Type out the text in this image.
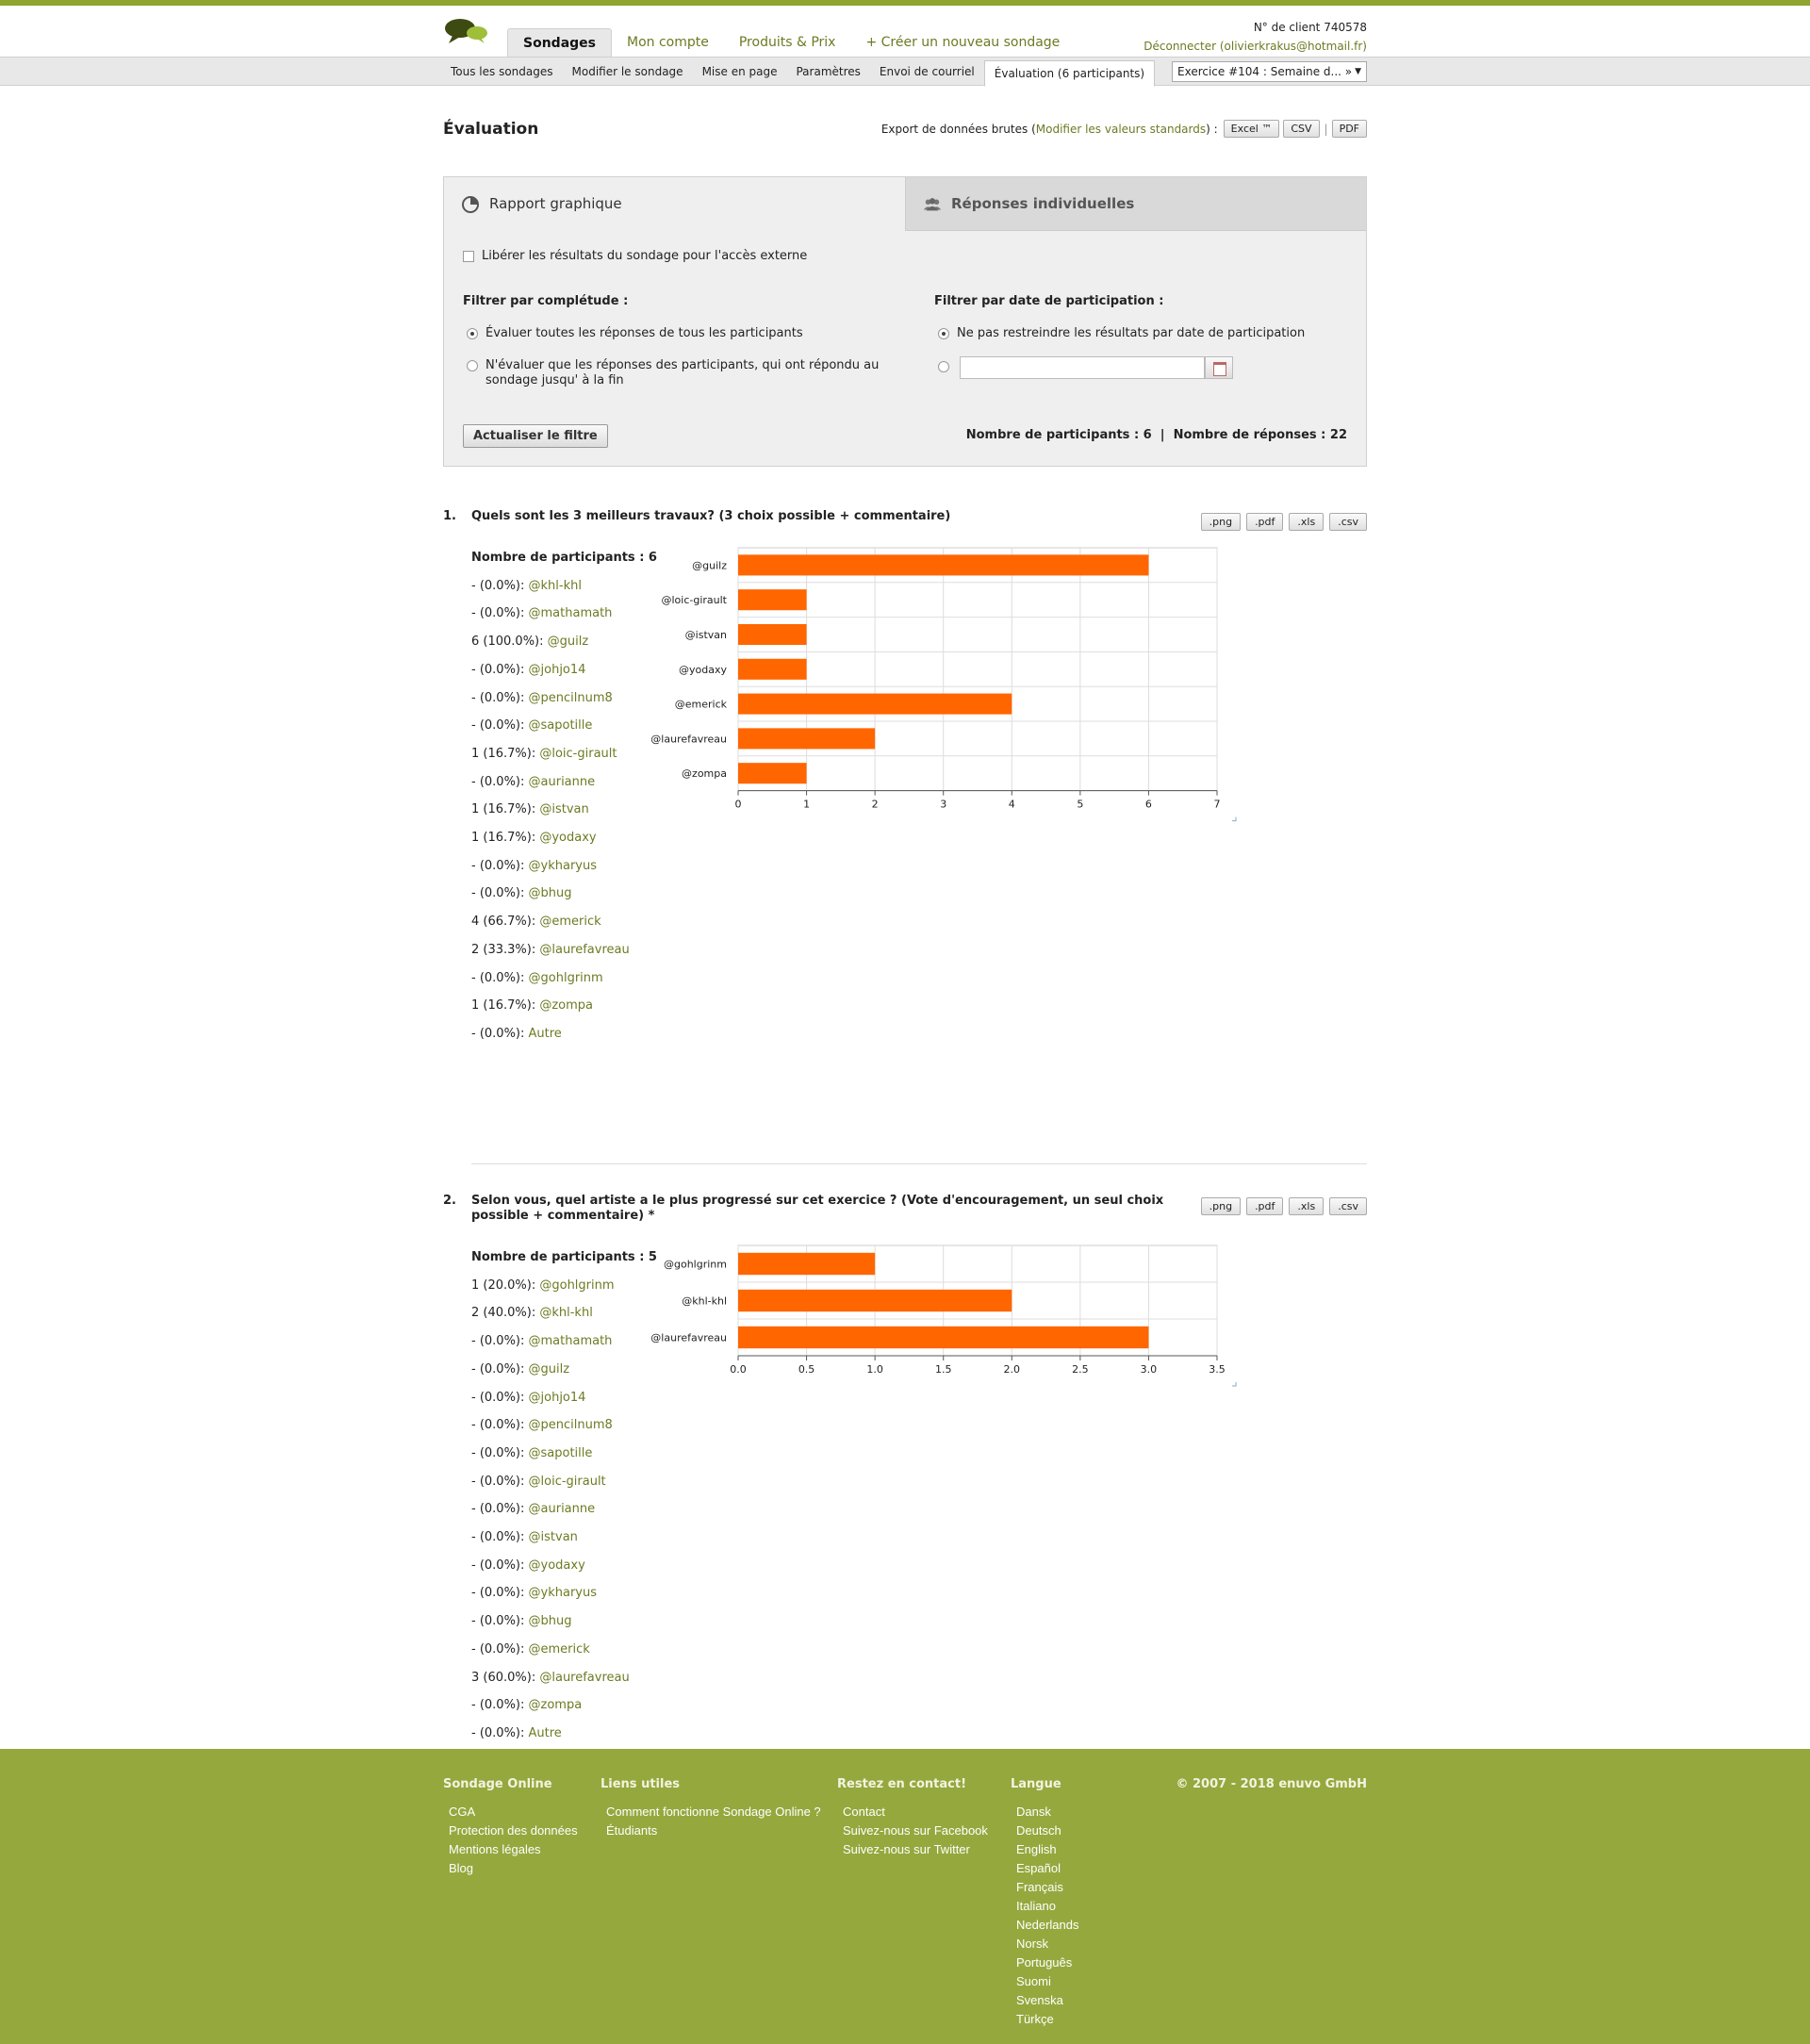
Sondages	Mon compte	Produits & Prix	+ Créer un nouveau sondage
N° de client 740578
Déconnecter (olivierkrakus@hotmail.fr)
Tous les sondages	Modifier le sondage	Mise en page	Paramètres	Envoi de courriel	Évaluation (6 participants)	Exercice #104 : Semaine d... » ▼
Évaluation	Export de données brutes ( Modifier les valeurs standards ) :	Excel ™	CSV	|	PDF
Rapport graphique	Réponses individuelles
Libérer les résultats du sondage pour l'accès externe
Filtrer par complétude :
Évaluer toutes les réponses de tous les participants
N'évaluer que les réponses des participants, qui ont répondu au sondage jusqu' à la fin
Filtrer par date de participation :
Ne pas restreindre les résultats par date de participation
Actualiser le filtre	Nombre de participants : 6  |  Nombre de réponses : 22
1. Quels sont les 3 meilleurs travaux? (3 choix possible + commentaire)	.png	.pdf	.xls	.csv
Nombre de participants : 6
- (0.0%): @khl-khl
- (0.0%): @mathamath
6 (100.0%): @guilz
- (0.0%): @johjo14
- (0.0%): @pencilnum8
- (0.0%): @sapotille
1 (16.7%): @loic-girault
- (0.0%): @aurianne
1 (16.7%): @istvan
1 (16.7%): @yodaxy
- (0.0%): @ykharyus
- (0.0%): @bhug
4 (66.7%): @emerick
2 (33.3%): @laurefavreau
- (0.0%): @gohlgrinm
1 (16.7%): @zompa
- (0.0%): Autre
0	1	2	3	4	5	6	7
@guilz
@loic-girault
@istvan
@yodaxy
@emerick
@laurefavreau
@zompa
2. Selon vous, quel artiste a le plus progressé sur cet exercice ? (Vote d'encouragement, un seul choix possible + commentaire) *
.png	.pdf	.xls	.csv
Nombre de participants : 5
1 (20.0%): @gohlgrinm
2 (40.0%): @khl-khl
- (0.0%): @mathamath
- (0.0%): @guilz
- (0.0%): @johjo14
- (0.0%): @pencilnum8
- (0.0%): @sapotille
- (0.0%): @loic-girault
- (0.0%): @aurianne
- (0.0%): @istvan
- (0.0%): @yodaxy
- (0.0%): @ykharyus
- (0.0%): @bhug
- (0.0%): @emerick
3 (60.0%): @laurefavreau
- (0.0%): @zompa
- (0.0%): Autre
0.0	0.5	1.0	1.5	2.0	2.5	3.0	3.5
@gohlgrinm
@khl-khl
@laurefavreau
Sondage Online
CGA
Protection des données
Mentions légales
Blog
Liens utiles
Comment fonctionne Sondage Online ?
Étudiants
Restez en contact!
Contact
Suivez-nous sur Facebook
Suivez-nous sur Twitter
Langue
Dansk
Deutsch
English
Español
Français
Italiano
Nederlands
Norsk
Português
Suomi
Svenska
Türkçe
© 2007 - 2018 enuvo GmbH
